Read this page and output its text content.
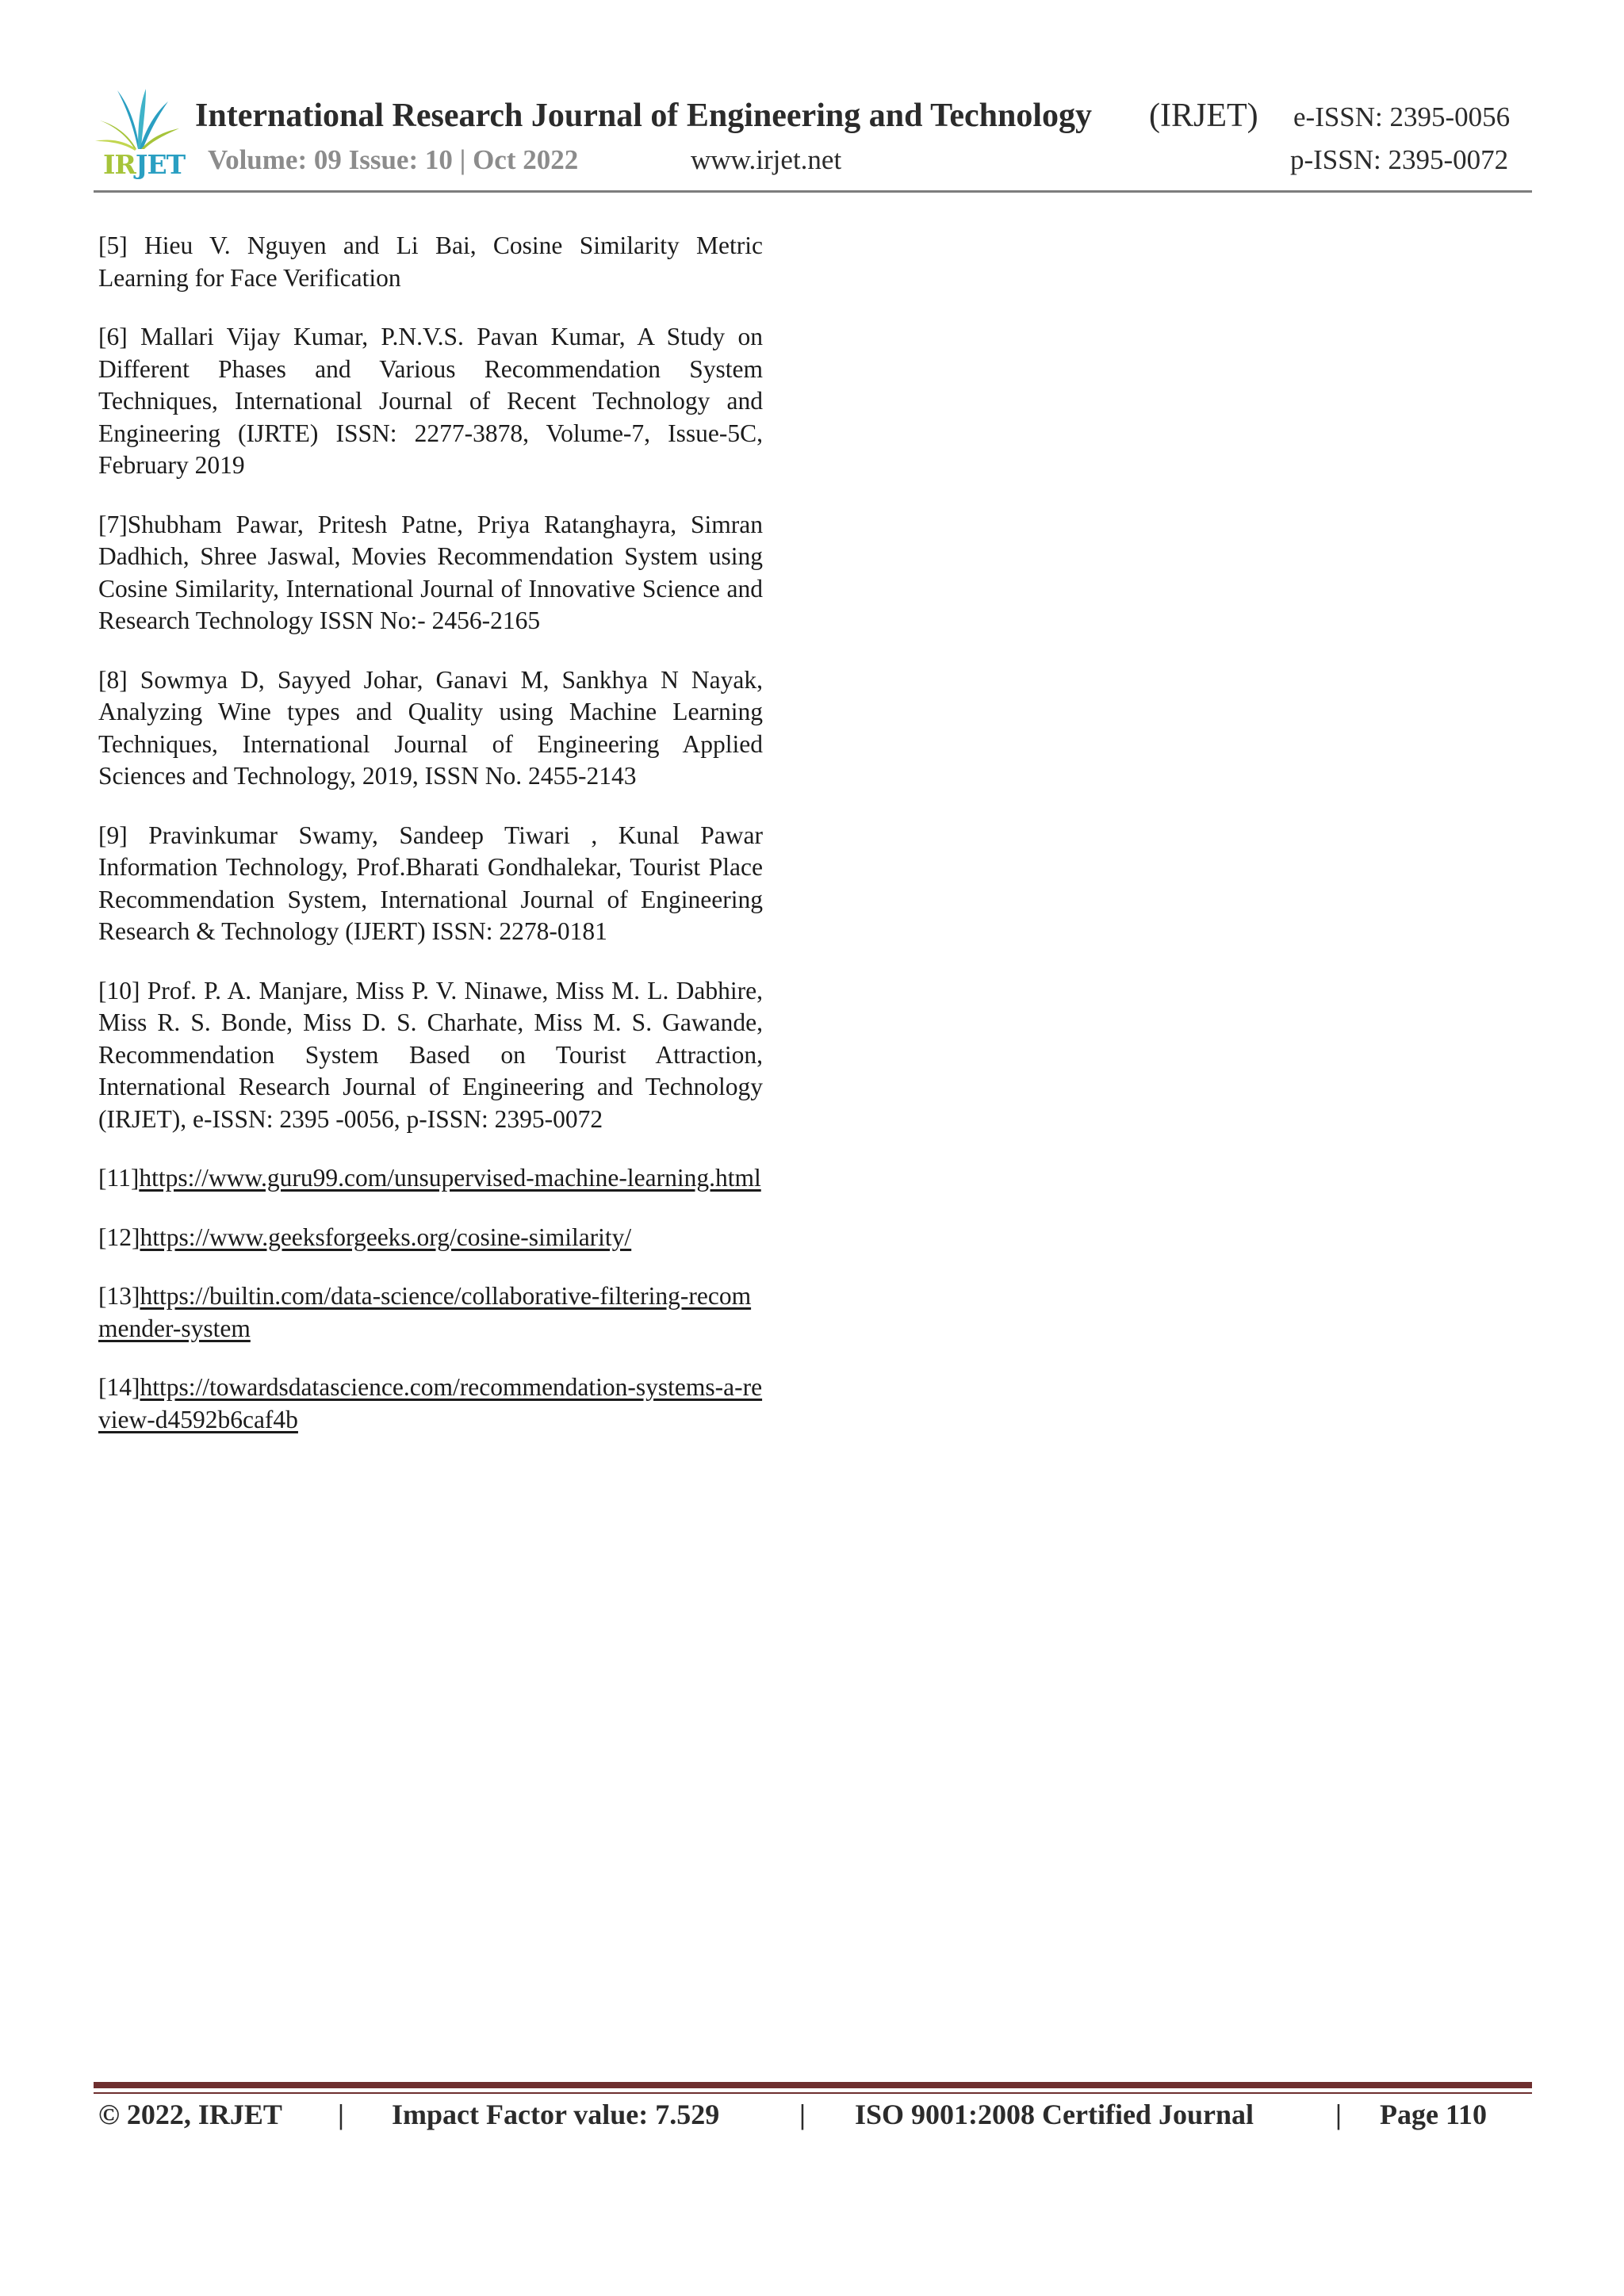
IRJET
International Research Journal of Engineering and Technology (IRJET) e-ISSN: 2395-0056
Volume: 09 Issue: 10 | Oct 2022	www.irjet.net	p-ISSN: 2395-0072
[5] Hieu V. Nguyen and Li Bai, Cosine Similarity Metric Learning for Face Verification
[6] Mallari Vijay Kumar, P.N.V.S. Pavan Kumar, A Study on Different Phases and Various Recommendation System Techniques, International Journal of Recent Technology and Engineering (IJRTE) ISSN: 2277-3878, Volume-7, Issue-5C, February 2019
[7]Shubham Pawar, Pritesh Patne, Priya Ratanghayra, Simran Dadhich, Shree Jaswal, Movies Recommendation System using Cosine Similarity, International Journal of Innovative Science and Research Technology ISSN No:- 2456-2165
[8] Sowmya D, Sayyed Johar, Ganavi M, Sankhya N Nayak, Analyzing Wine types and Quality using Machine Learning Techniques, International Journal of Engineering Applied Sciences and Technology, 2019, ISSN No. 2455-2143
[9] Pravinkumar Swamy, Sandeep Tiwari , Kunal Pawar Information Technology, Prof.Bharati Gondhalekar, Tourist Place Recommendation System, International Journal of Engineering Research & Technology (IJERT) ISSN: 2278-0181
[10] Prof. P. A. Manjare, Miss P. V. Ninawe, Miss M. L. Dabhire, Miss R. S. Bonde, Miss D. S. Charhate, Miss M. S. Gawande, Recommendation System Based on Tourist Attraction, International Research Journal of Engineering and Technology (IRJET), e-ISSN: 2395 -0056, p-ISSN: 2395-0072
[11]https://www.guru99.com/unsupervised-machine-learning.html
[12]https://www.geeksforgeeks.org/cosine-similarity/
[13]https://builtin.com/data-science/collaborative-filtering-recommender-system
[14]https://towardsdatascience.com/recommendation-systems-a-review-d4592b6caf4b
© 2022, IRJET | Impact Factor value: 7.529	| ISO 9001:2008 Certified Journal	| Page 110
